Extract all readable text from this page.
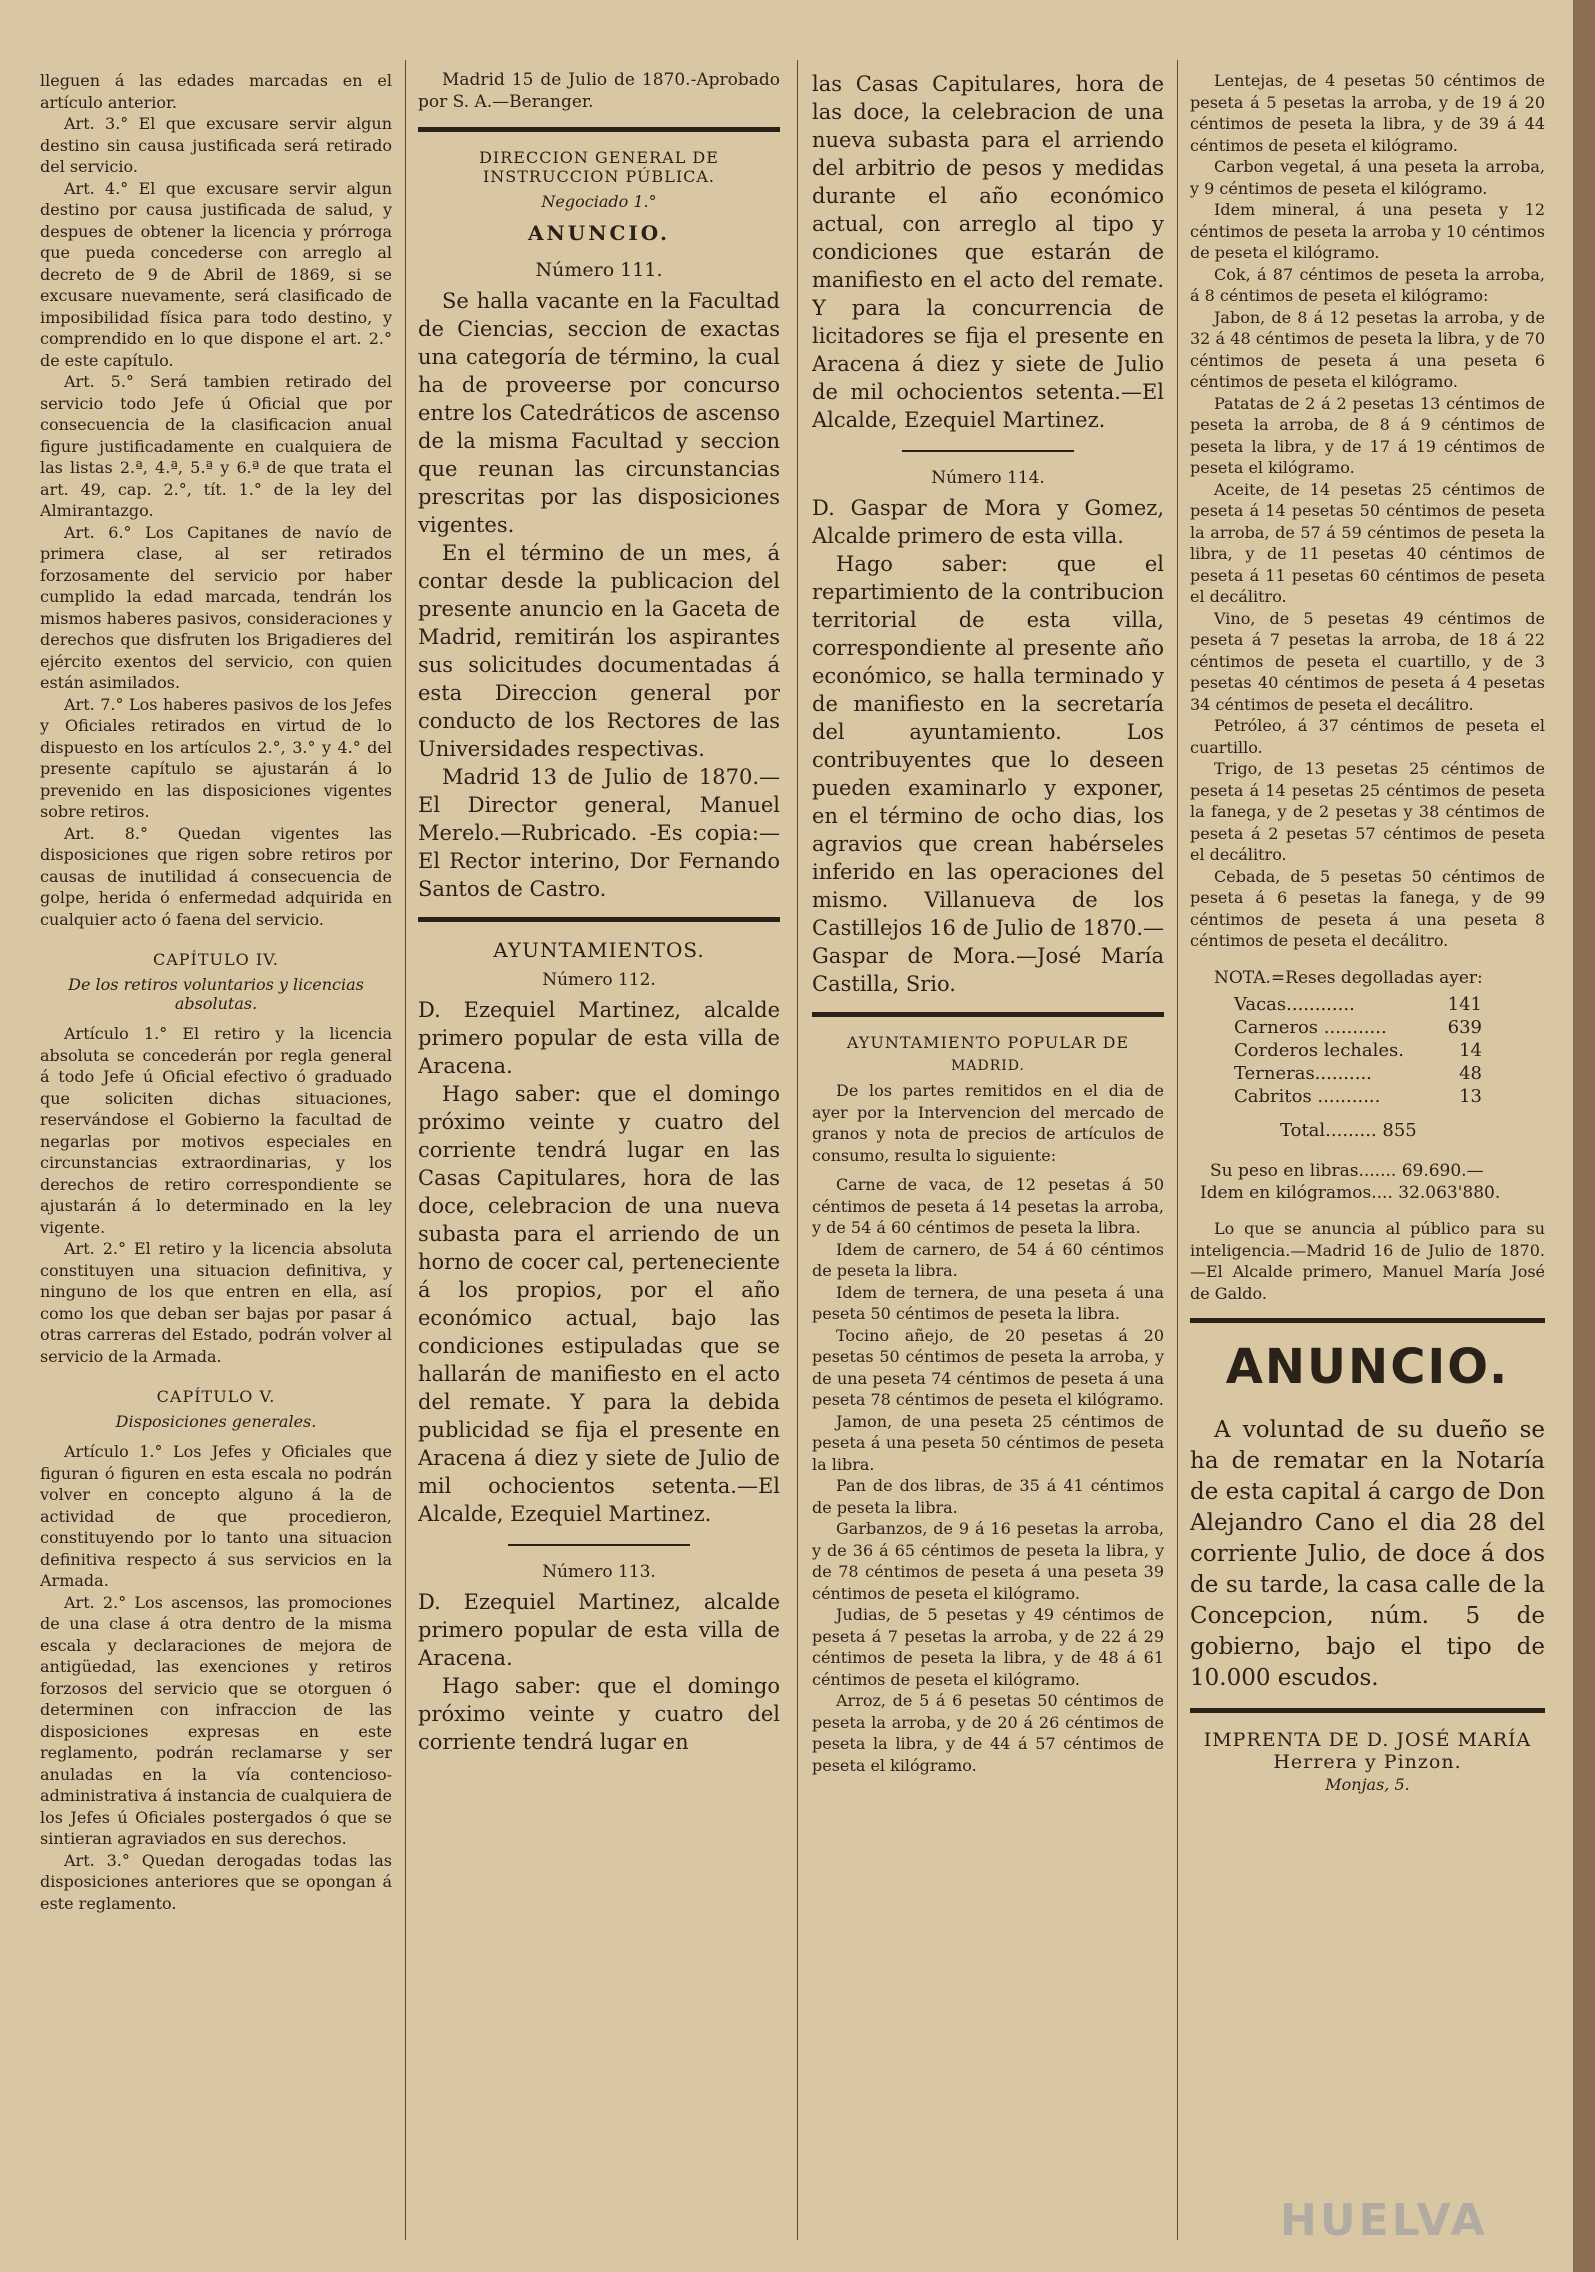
lleguen á las edades marcadas en el artículo anterior.

Art. 3.° El que excusare servir algun destino sin causa justificada será retirado del servicio.

Art. 4.° El que excusare servir algun destino por causa justificada de salud, y despues de obtener la licencia y prórroga que pueda concederse con arreglo al decreto de 9 de Abril de 1869, si se excusare nuevamente, será clasificado de imposibilidad física para todo destino, y comprendido en lo que dispone el art. 2.° de este capítulo.

Art. 5.° Será tambien retirado del servicio todo Jefe ú Oficial que por consecuencia de la clasificacion anual figure justificadamente en cualquiera de las listas 2.ª, 4.ª, 5.ª y 6.ª de que trata el art. 49, cap. 2.°, tít. 1.° de la ley del Almirantazgo.

Art. 6.° Los Capitanes de navío de primera clase, al ser retirados forzosamente del servicio por haber cumplido la edad marcada, tendrán los mismos haberes pasivos, consideraciones y derechos que disfruten los Brigadieres del ejército exentos del servicio, con quien están asimilados.

Art. 7.° Los haberes pasivos de los Jefes y Oficiales retirados en virtud de lo dispuesto en los artículos 2.°, 3.° y 4.° del presente capítulo se ajustarán á lo prevenido en las disposiciones vigentes sobre retiros.

Art. 8.° Quedan vigentes las disposiciones que rigen sobre retiros por causas de inutilidad á consecuencia de golpe, herida ó enfermedad adquirida en cualquier acto ó faena del servicio.

CAPÍTULO IV.
De los retiros voluntarios y licencias absolutas.

Artículo 1.° El retiro y la licencia absoluta se concederán por regla general á todo Jefe ú Oficial efectivo ó graduado que soliciten dichas situaciones, reservándose el Gobierno la facultad de negarlas por motivos especiales en circunstancias extraordinarias, y los derechos de retiro correspondiente se ajustarán á lo determinado en la ley vigente.

Art. 2.° El retiro y la licencia absoluta constituyen una situacion definitiva, y ninguno de los que entren en ella, así como los que deban ser bajas por pasar á otras carreras del Estado, podrán volver al servicio de la Armada.

CAPÍTULO V.
Disposiciones generales.

Artículo 1.° Los Jefes y Oficiales que figuran ó figuren en esta escala no podrán volver en concepto alguno á la de actividad de que procedieron, constituyendo por lo tanto una situacion definitiva respecto á sus servicios en la Armada.

Art. 2.° Los ascensos, las promociones de una clase á otra dentro de la misma escala y declaraciones de mejora de antigüedad, las exenciones y retiros forzosos del servicio que se otorguen ó determinen con infraccion de las disposiciones expresas en este reglamento, podrán reclamarse y ser anuladas en la vía contencioso-administrativa á instancia de cualquiera de los Jefes ú Oficiales postergados ó que se sintieran agraviados en sus derechos.

Art. 3.° Quedan derogadas todas las disposiciones anteriores que se opongan á este reglamento.

Madrid 15 de Julio de 1870.-Aprobado por S. A.—Beranger.

DIRECCION GENERAL DE INSTRUCCION PÚBLICA.
Negociado 1.°
ANUNCIO.
Número 111.

Se halla vacante en la Facultad de Ciencias, seccion de exactas una categoría de término, la cual ha de proveerse por concurso entre los Catedráticos de ascenso de la misma Facultad y seccion que reunan las circunstancias prescritas por las disposiciones vigentes.

En el término de un mes, á contar desde la publicacion del presente anuncio en la Gaceta de Madrid, remitirán los aspirantes sus solicitudes documentadas á esta Direccion general por conducto de los Rectores de las Universidades respectivas.

Madrid 13 de Julio de 1870.—El Director general, Manuel Merelo.—Rubricado. -Es copia:—El Rector interino, Dor Fernando Santos de Castro.

AYUNTAMIENTOS.
Número 112.

D. Ezequiel Martinez, alcalde primero popular de esta villa de Aracena.

Hago saber: que el domingo próximo veinte y cuatro del corriente tendrá lugar en las Casas Capitulares, hora de las doce, celebracion de una nueva subasta para el arriendo de un horno de cocer cal, perteneciente á los propios, por el año económico actual, bajo las condiciones estipuladas que se hallarán de manifiesto en el acto del remate. Y para la debida publicidad se fija el presente en Aracena á diez y siete de Julio de mil ochocientos setenta.—El Alcalde, Ezequiel Martinez.

Número 113.

D. Ezequiel Martinez, alcalde primero popular de esta villa de Aracena.

Hago saber: que el domingo próximo veinte y cuatro del corriente tendrá lugar en

las Casas Capitulares, hora de las doce, la celebracion de una nueva subasta para el arriendo del arbitrio de pesos y medidas durante el año económico actual, con arreglo al tipo y condiciones que estarán de manifiesto en el acto del remate. Y para la concurrencia de licitadores se fija el presente en Aracena á diez y siete de Julio de mil ochocientos setenta.—El Alcalde, Ezequiel Martinez.

Número 114.

D. Gaspar de Mora y Gomez, Alcalde primero de esta villa.

Hago saber: que el repartimiento de la contribucion territorial de esta villa, correspondiente al presente año económico, se halla terminado y de manifiesto en la secretaría del ayuntamiento. Los contribuyentes que lo deseen pueden examinarlo y exponer, en el término de ocho dias, los agravios que crean habérseles inferido en las operaciones del mismo. Villanueva de los Castillejos 16 de Julio de 1870.—Gaspar de Mora.—José María Castilla, Srio.

AYUNTAMIENTO POPULAR DE
MADRID.

De los partes remitidos en el dia de ayer por la Intervencion del mercado de granos y nota de precios de artículos de consumo, resulta lo siguiente:

Carne de vaca, de 12 pesetas á 50 céntimos de peseta á 14 pesetas la arroba, y de 54 á 60 céntimos de peseta la libra.

Idem de carnero, de 54 á 60 céntimos de peseta la libra.

Idem de ternera, de una peseta á una peseta 50 céntimos de peseta la libra.

Tocino añejo, de 20 pesetas á 20 pesetas 50 céntimos de peseta la arroba, y de una peseta 74 céntimos de peseta á una peseta 78 céntimos de peseta el kilógramo.

Jamon, de una peseta 25 céntimos de peseta á una peseta 50 céntimos de peseta la libra.

Pan de dos libras, de 35 á 41 céntimos de peseta la libra.

Garbanzos, de 9 á 16 pesetas la arroba, y de 36 á 65 céntimos de peseta la libra, y de 78 céntimos de peseta á una peseta 39 céntimos de peseta el kilógramo.

Judias, de 5 pesetas y 49 céntimos de peseta á 7 pesetas la arroba, y de 22 á 29 céntimos de peseta la libra, y de 48 á 61 céntimos de peseta el kilógramo.

Arroz, de 5 á 6 pesetas 50 céntimos de peseta la arroba, y de 20 á 26 céntimos de peseta la libra, y de 44 á 57 céntimos de peseta el kilógramo.

Lentejas, de 4 pesetas 50 céntimos de peseta á 5 pesetas la arroba, y de 19 á 20 céntimos de peseta la libra, y de 39 á 44 céntimos de peseta el kilógramo.

Carbon vegetal, á una peseta la arroba, y 9 céntimos de peseta el kilógramo.

Idem mineral, á una peseta y 12 céntimos de peseta la arroba y 10 céntimos de peseta el kilógramo.

Cok, á 87 céntimos de peseta la arroba, á 8 céntimos de peseta el kilógramo:

Jabon, de 8 á 12 pesetas la arroba, y de 32 á 48 céntimos de peseta la libra, y de 70 céntimos de peseta á una peseta 6 céntimos de peseta el kilógramo.

Patatas de 2 á 2 pesetas 13 céntimos de peseta la arroba, de 8 á 9 céntimos de peseta la libra, y de 17 á 19 céntimos de peseta el kilógramo.

Aceite, de 14 pesetas 25 céntimos de peseta á 14 pesetas 50 céntimos de peseta la arroba, de 57 á 59 céntimos de peseta la libra, y de 11 pesetas 40 céntimos de peseta á 11 pesetas 60 céntimos de peseta el decálitro.

Vino, de 5 pesetas 49 céntimos de peseta á 7 pesetas la arroba, de 18 á 22 céntimos de peseta el cuartillo, y de 3 pesetas 40 céntimos de peseta á 4 pesetas 34 céntimos de peseta el decálitro.

Petróleo, á 37 céntimos de peseta el cuartillo.

Trigo, de 13 pesetas 25 céntimos de peseta á 14 pesetas 25 céntimos de peseta la fanega, y de 2 pesetas y 38 céntimos de peseta á 2 pesetas 57 céntimos de peseta el decálitro.

Cebada, de 5 pesetas 50 céntimos de peseta á 6 pesetas la fanega, y de 99 céntimos de peseta á una peseta 8 céntimos de peseta el decálitro.

NOTA.=Reses degolladas ayer:

Vacas............	141
Carneros ...........	639
Corderos lechales.	14
Terneras..........	48
Cabritos ...........	13
Total......... 855

Su peso en libras....... 69.690.—

Idem en kilógramos.... 32.063'880.

Lo que se anuncia al público para su inteligencia.—Madrid 16 de Julio de 1870.—El Alcalde primero, Manuel María José de Galdo.

ANUNCIO.

A voluntad de su dueño se ha de rematar en la Notaría de esta capital á cargo de Don Alejandro Cano el dia 28 del corriente Julio, de doce á dos de su tarde, la casa calle de la Concepcion, núm. 5 de gobierno, bajo el tipo de 10.000 escudos.

IMPRENTA DE D. JOSÉ MARÍA Herrera y Pinzon.
Monjas, 5.
HUELVA
